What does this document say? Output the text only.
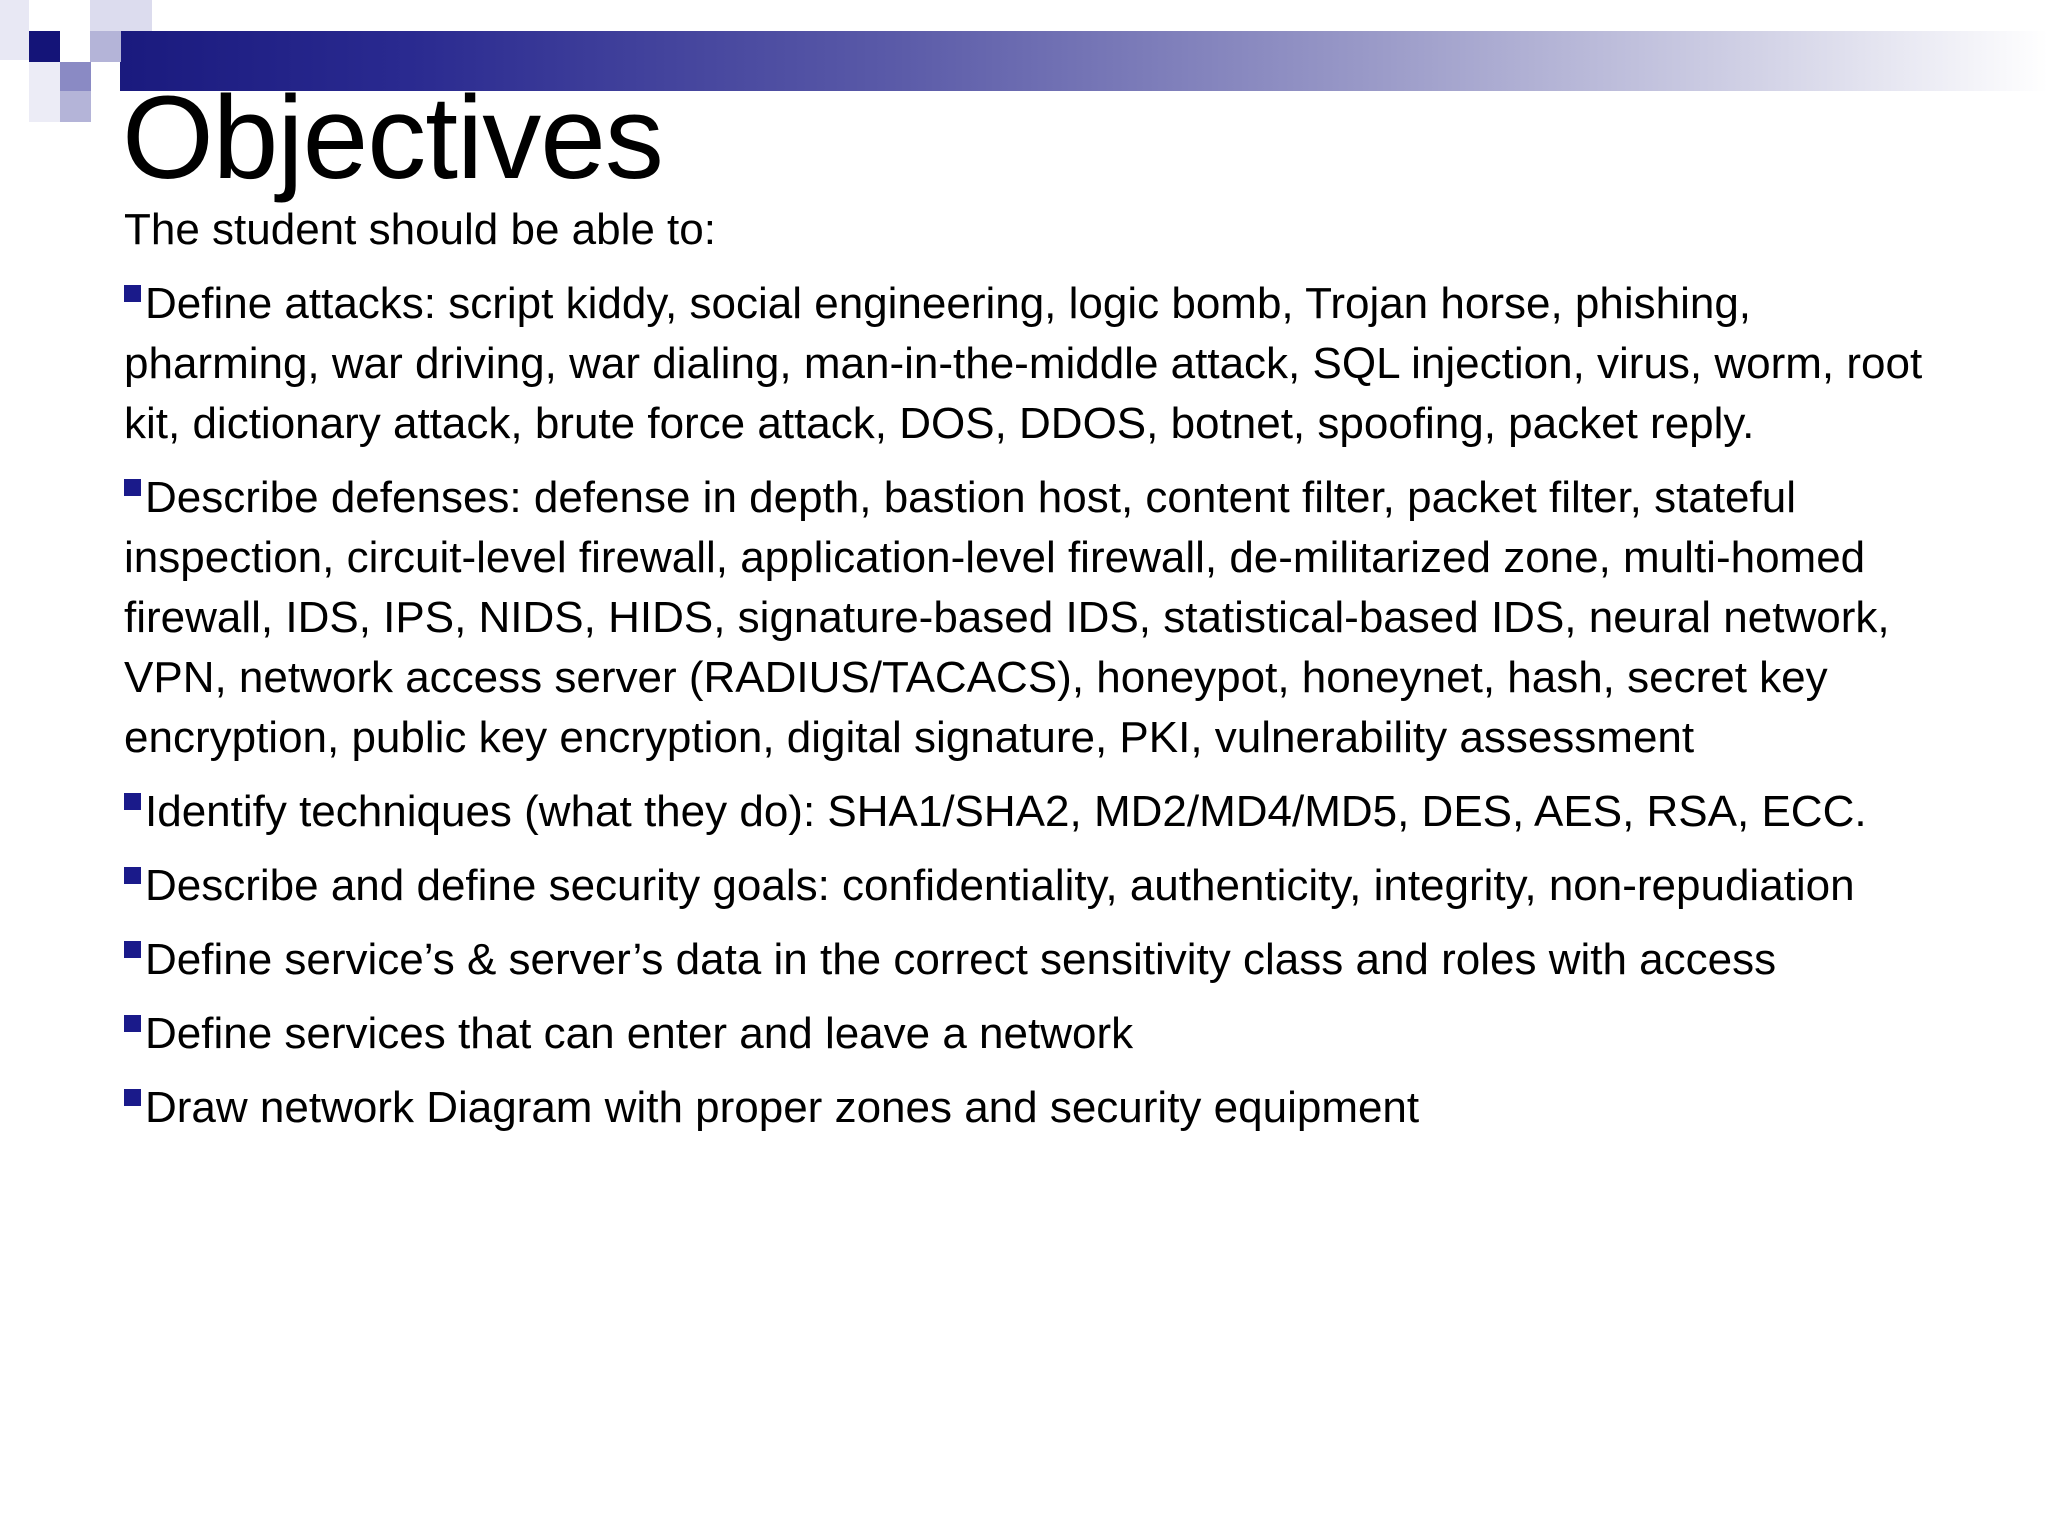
Objectives

The student should be able to:

Define attacks: script kiddy, social engineering, logic bomb, Trojan horse, phishing, pharming, war driving, war dialing, man-in-the-middle attack, SQL injection, virus, worm, root kit, dictionary attack, brute force attack, DOS, DDOS, botnet, spoofing, packet reply.

Describe defenses: defense in depth, bastion host, content filter, packet filter, stateful inspection, circuit-level firewall, application-level firewall, de-militarized zone, multi-homed firewall, IDS, IPS, NIDS, HIDS, signature-based IDS, statistical-based IDS, neural network, VPN, network access server (RADIUS/TACACS), honeypot, honeynet, hash, secret key encryption, public key encryption, digital signature, PKI, vulnerability assessment

Identify techniques (what they do): SHA1/SHA2, MD2/MD4/MD5, DES, AES, RSA, ECC.

Describe and define security goals: confidentiality, authenticity, integrity, non-repudiation

Define service’s & server’s data in the correct sensitivity class and roles with access

Define services that can enter and leave a network

Draw network Diagram with proper zones and security equipment
